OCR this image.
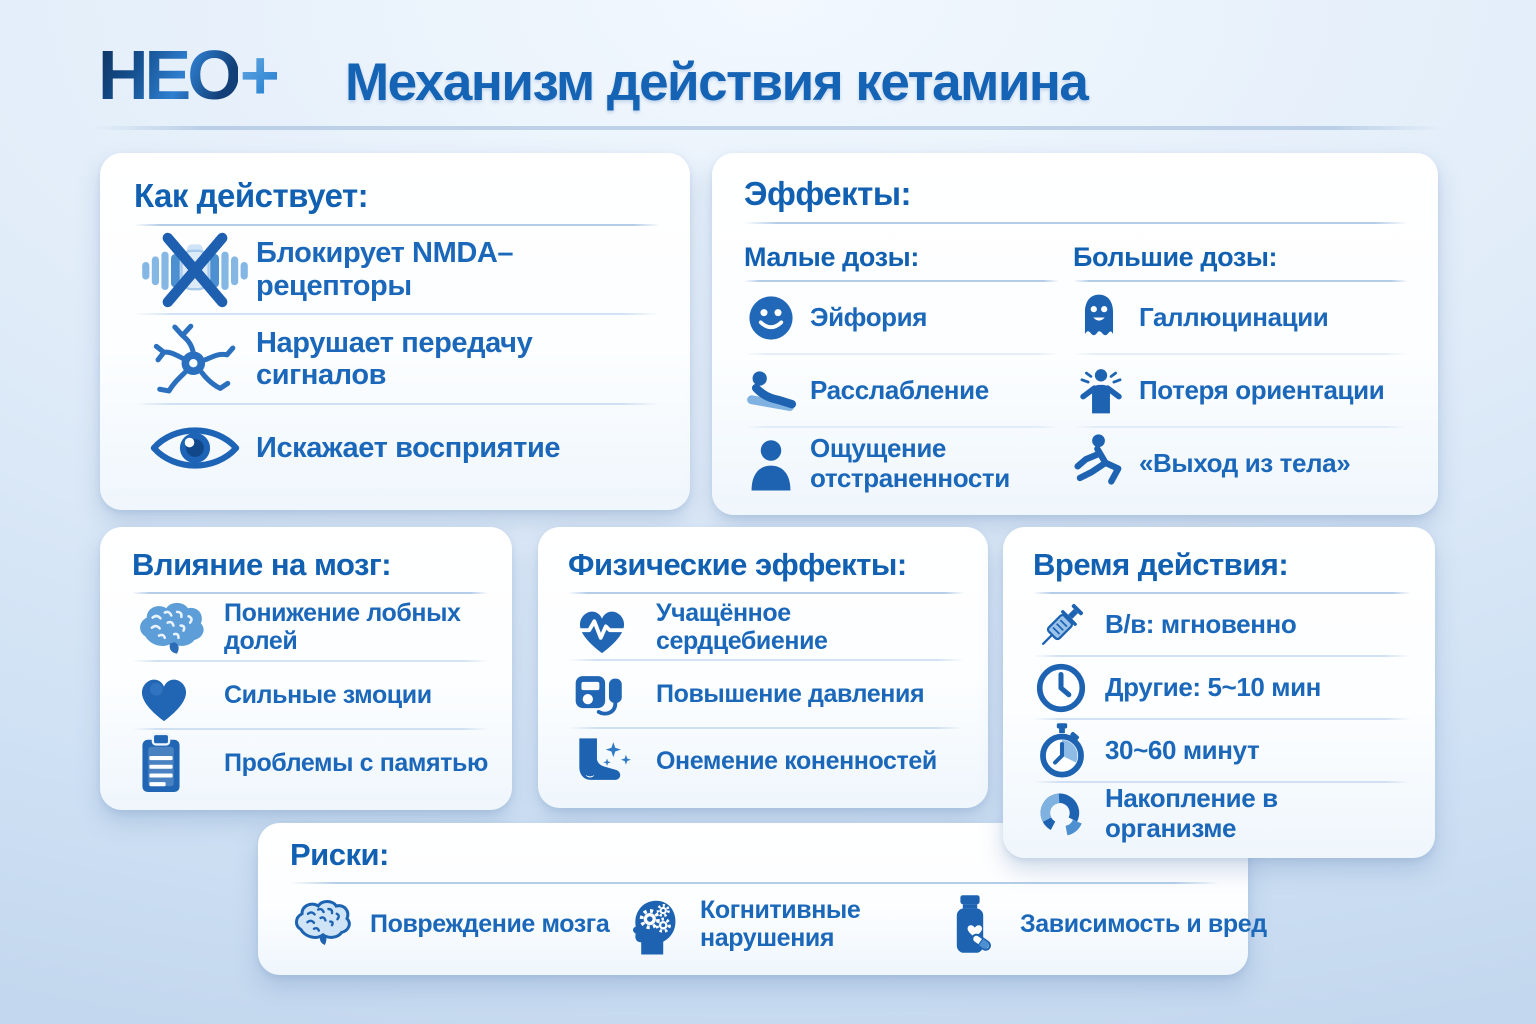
НЕО+ Механизм действия кетамина
Как действует:
Блокирует NMDA–рецепторы
Нарушает передачу сигналов
Искажает восприятие
Эффекты:
Малые дозы:
Эйфория
Расслабление
Ощущение отстраненности
Большие дозы:
Галлюцинации
Потеря ориентации
«Выход из тела»
Влияние на мозг:
Понижение лобных долей
Сильные змоции
Проблемы с памятью
Физические эффекты:
Учащённое сердцебиение
Повышение давления
Онемение коненностей
Время действия:
В/в: мгновенно
Другие: 5~10 мин
30~60 минут
Накопление в организме
Риски:
Повреждение мозга	Когнитивные нарушения	Зависимость и вред
